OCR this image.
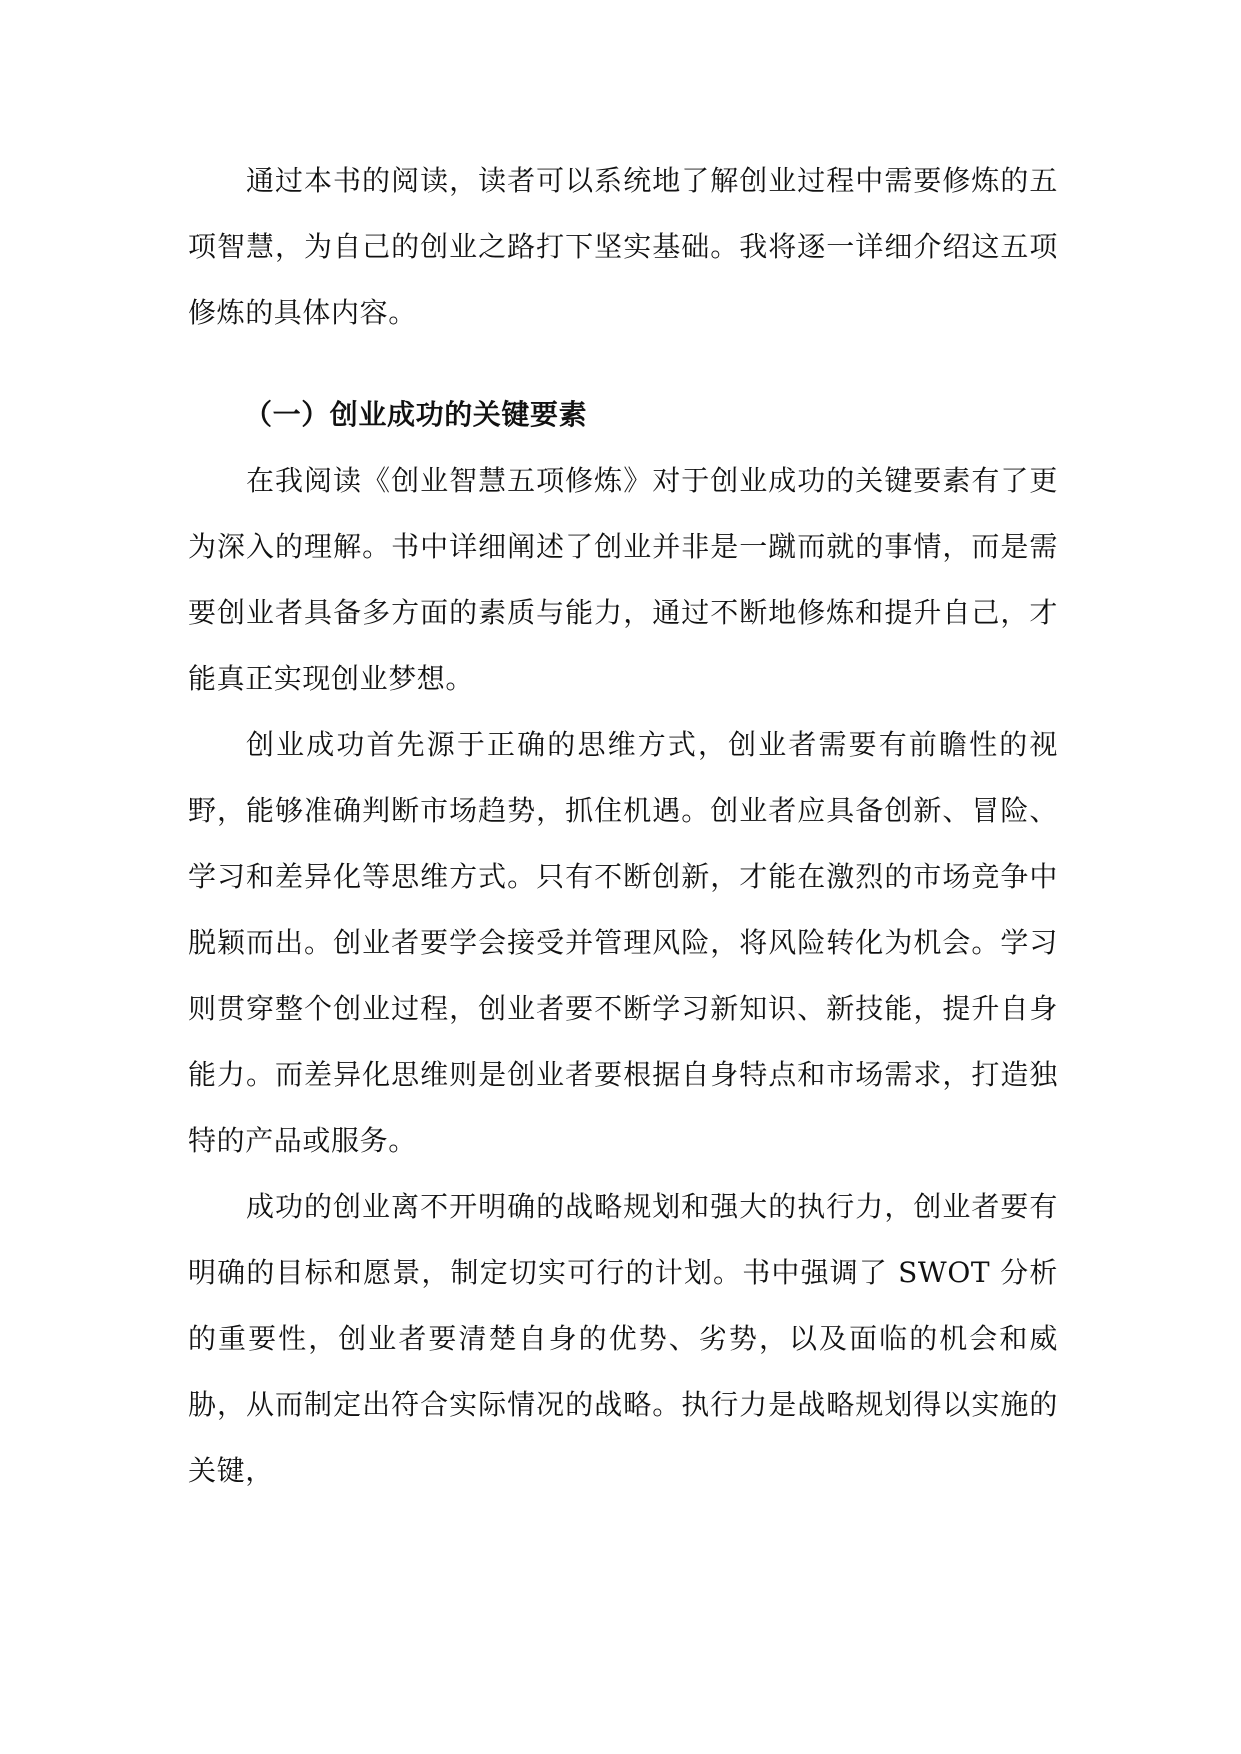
通过本书的阅读，读者可以系统地了解创业过程中需要修炼的五项智慧，为自己的创业之路打下坚实基础。我将逐一详细介绍这五项修炼的具体内容。

（一）创业成功的关键要素

在我阅读《创业智慧五项修炼》对于创业成功的关键要素有了更为深入的理解。书中详细阐述了创业并非是一蹴而就的事情，而是需要创业者具备多方面的素质与能力，通过不断地修炼和提升自己，才能真正实现创业梦想。

创业成功首先源于正确的思维方式，创业者需要有前瞻性的视野，能够准确判断市场趋势，抓住机遇。创业者应具备创新、冒险、学习和差异化等思维方式。只有不断创新，才能在激烈的市场竞争中脱颖而出。创业者要学会接受并管理风险，将风险转化为机会。学习则贯穿整个创业过程，创业者要不断学习新知识、新技能，提升自身能力。而差异化思维则是创业者要根据自身特点和市场需求，打造独特的产品或服务。

成功的创业离不开明确的战略规划和强大的执行力，创业者要有明确的目标和愿景，制定切实可行的计划。书中强调了 SWOT 分析的重要性，创业者要清楚自身的优势、劣势，以及面临的机会和威胁，从而制定出符合实际情况的战略。执行力是战略规划得以实施的关键，
